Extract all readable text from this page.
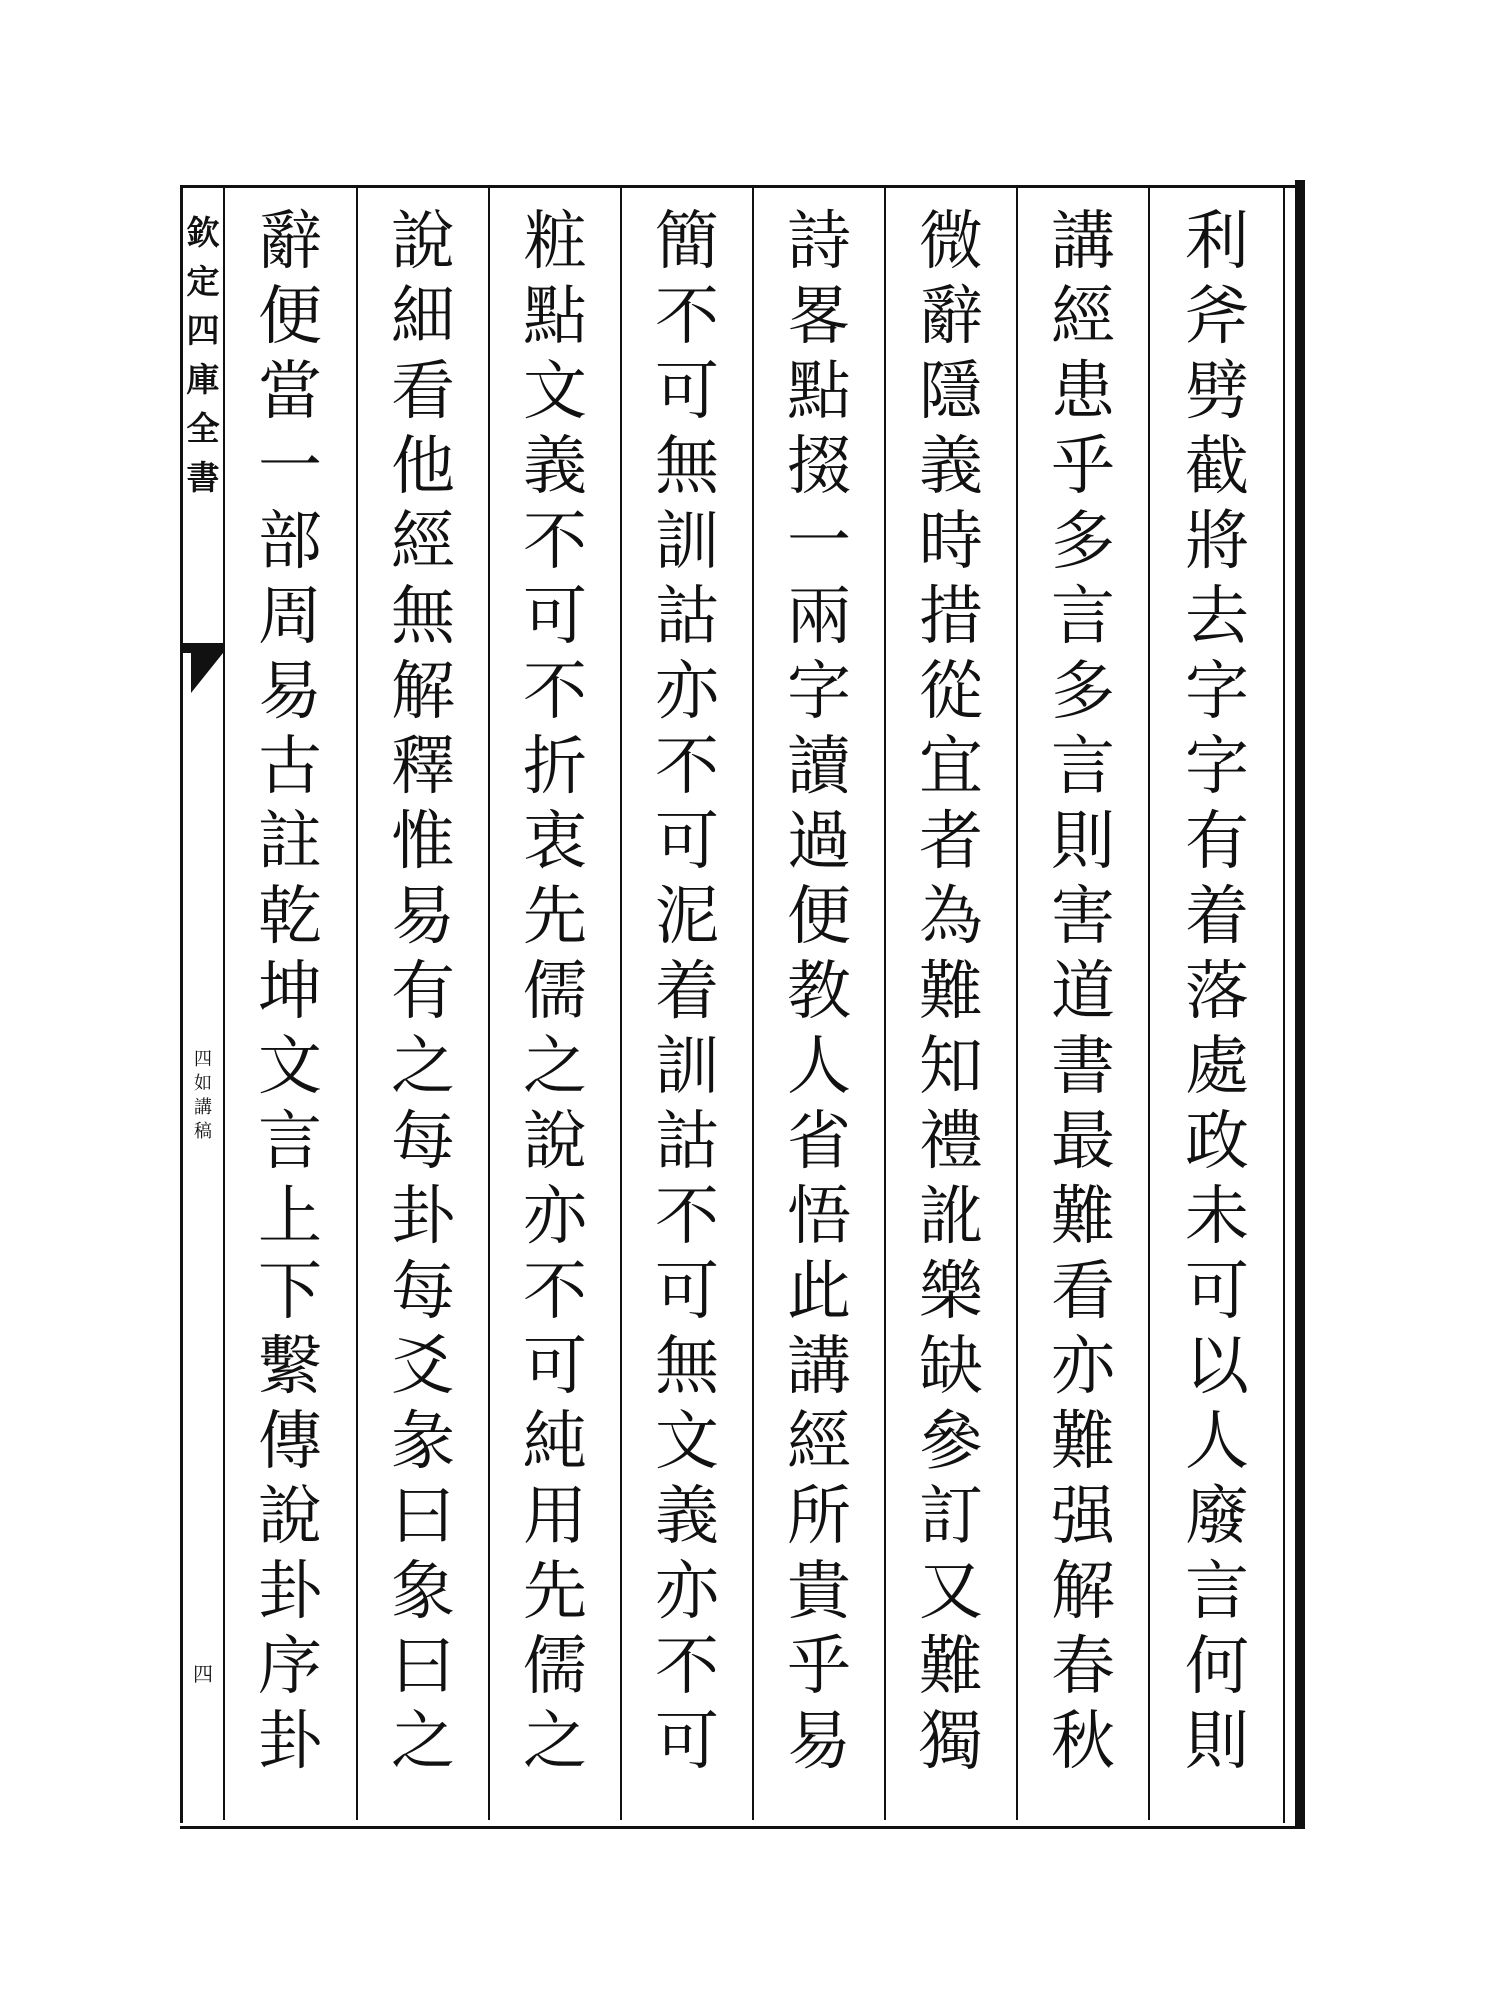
欽定四庫全書
四如講稿
四
利
斧
劈
截
將
去
字
字
有
着
落
處
政
未
可
以
人
廢
言
何
則
講
經
患
乎
多
言
多
言
則
害
道
書
最
難
看
亦
難
强
解
春
秋
微
辭
隱
義
時
措
從
宜
者
為
難
知
禮
訛
樂
缺
參
訂
又
難
獨
詩
畧
點
掇
一
兩
字
讀
過
便
教
人
省
悟
此
講
經
所
貴
乎
易
簡
不
可
無
訓
詁
亦
不
可
泥
着
訓
詁
不
可
無
文
義
亦
不
可
粧
點
文
義
不
可
不
折
衷
先
儒
之
說
亦
不
可
純
用
先
儒
之
說
細
看
他
經
無
解
釋
惟
易
有
之
每
卦
每
爻
彖
曰
象
曰
之
辭
便
當
一
部
周
易
古
註
乾
坤
文
言
上
下
繫
傳
說
卦
序
卦
